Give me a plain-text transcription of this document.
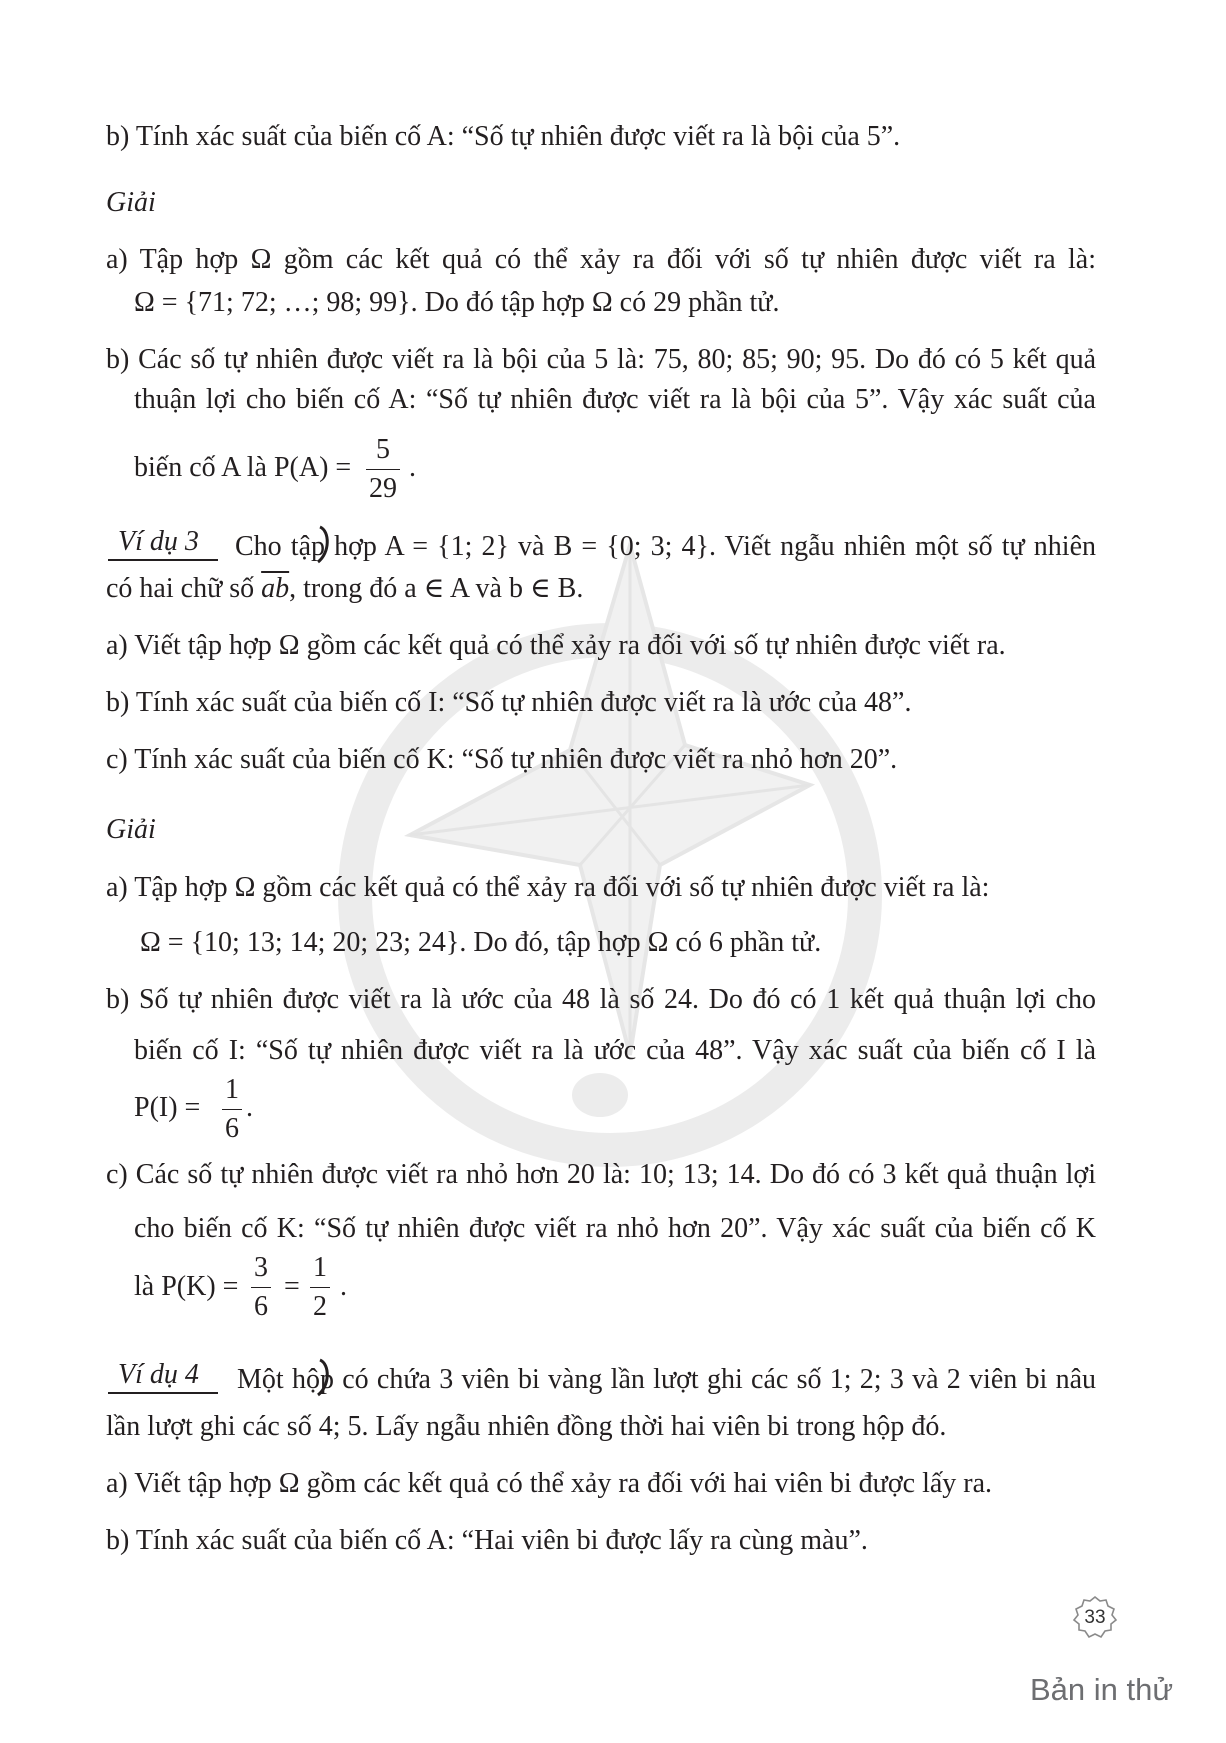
b) Tính xác suất của biến cố A: “Số tự nhiên được viết ra là bội của 5”.
Giải
a) Tập hợp Ω gồm các kết quả có thể xảy ra đối với số tự nhiên được viết ra là:
Ω = {71; 72; …; 98; 99}. Do đó tập hợp Ω có 29 phần tử.
b) Các số tự nhiên được viết ra là bội của 5 là: 75, 80; 85; 90; 95. Do đó có 5 kết quả
thuận lợi cho biến cố A: “Số tự nhiên được viết ra là bội của 5”. Vậy xác suất của
biến cố A là $P(A) = \frac{5}{29}$ .
Ví dụ 3 Cho tập hợp A = {1; 2} và B = {0; 3; 4}. Viết ngẫu nhiên một số tự nhiên
có hai chữ số $\overline{ab}$, trong đó a ∈ A và b ∈ B.
a) Viết tập hợp Ω gồm các kết quả có thể xảy ra đối với số tự nhiên được viết ra.
b) Tính xác suất của biến cố I: “Số tự nhiên được viết ra là ước của 48”.
c) Tính xác suất của biến cố K: “Số tự nhiên được viết ra nhỏ hơn 20”.
Giải
a) Tập hợp Ω gồm các kết quả có thể xảy ra đối với số tự nhiên được viết ra là:
Ω = {10; 13; 14; 20; 23; 24}. Do đó, tập hợp Ω có 6 phần tử.
b) Số tự nhiên được viết ra là ước của 48 là số 24. Do đó có 1 kết quả thuận lợi cho
biến cố I: “Số tự nhiên được viết ra là ước của 48”. Vậy xác suất của biến cố I là
$P(I) = \frac{1}{6}$ .
c) Các số tự nhiên được viết ra nhỏ hơn 20 là: 10; 13; 14. Do đó có 3 kết quả thuận lợi
cho biến cố K: “Số tự nhiên được viết ra nhỏ hơn 20”. Vậy xác suất của biến cố K
là $P(K) = \frac{3}{6} = \frac{1}{2}$ .
Ví dụ 4 Một hộp có chứa 3 viên bi vàng lần lượt ghi các số 1; 2; 3 và 2 viên bi nâu
lần lượt ghi các số 4; 5. Lấy ngẫu nhiên đồng thời hai viên bi trong hộp đó.
a) Viết tập hợp Ω gồm các kết quả có thể xảy ra đối với hai viên bi được lấy ra.
b) Tính xác suất của biến cố A: “Hai viên bi được lấy ra cùng màu”.
33
Bản in thử
